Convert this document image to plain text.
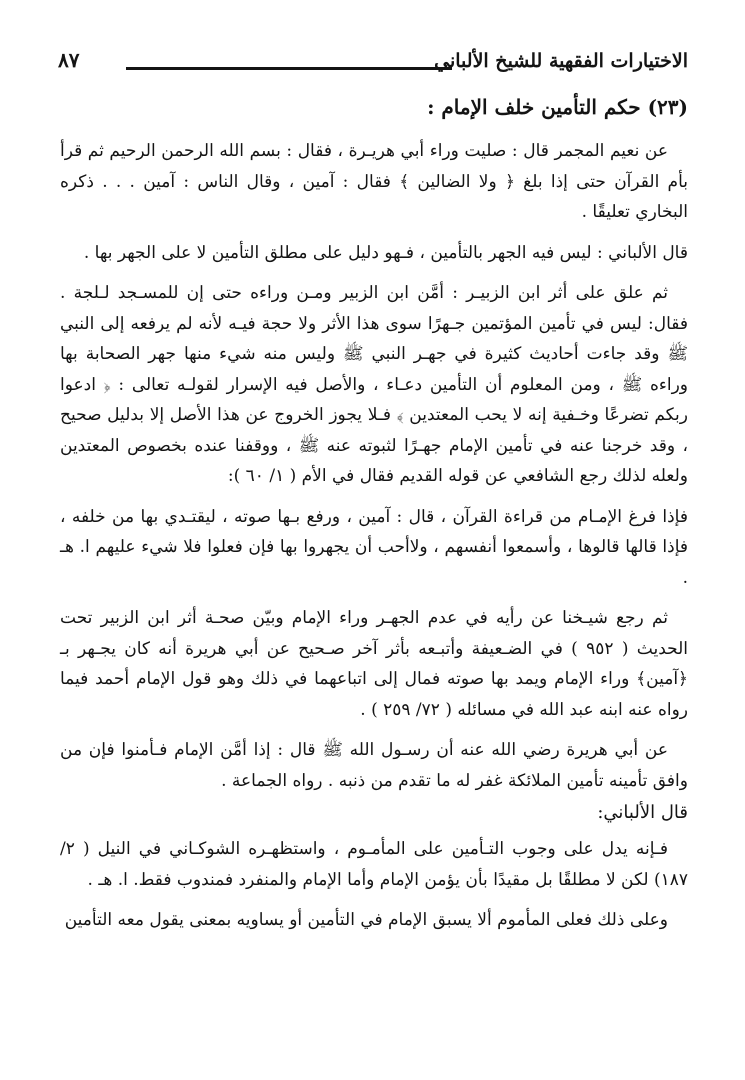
الاختيارات الفقهية للشيخ الألباني
٨٧
(٢٣) حكم التأمين خلف الإمام :

عن نعيم المجمر قال : صليت وراء أبي هريـرة ، فقال : بسم الله الرحمن الرحيم ثم قرأ بأم القرآن حتى إذا بلغ ﴿ ولا الضالين ﴾ فقال : آمين ، وقال الناس : آمين . . . ذكره البخاري تعليقًا .

قال الألباني : ليس فيه الجهر بالتأمين ، فـهو دليل على مطلق التأمين لا على الجهر بها .

ثم علق على أثر ابن الزبيـر : أمَّن ابن الزبير ومـن وراءه حتى إن للمسـجد لـلجة . فقال: ليس في تأمين المؤتمين جـهرًا سوى هذا الأثر ولا حجة فيـه لأنه لم يرفعه إلى النبي ﷺ وقد جاءت أحاديث كثيرة في جهـر النبي ﷺ وليس منه شيء منها جهر الصحابة بها وراءه ﷺ ، ومن المعلوم أن التأمين دعـاء ، والأصل فيه الإسرار لقولـه تعالى : ﴿ ادعوا ربكم تضرعًا وخـفية إنه لا يحب المعتدين ﴾ فـلا يجوز الخروج عن هذا الأصل إلا بدليل صحيح ، وقد خرجنا عنه في تأمين الإمام جهـرًا لثبوته عنه ﷺ ، ووقفنا عنده بخصوص المعتدين ولعله لذلك رجع الشافعي عن قوله القديم فقال في الأم ( ١/ ٦٠ ):

فإذا فرغ الإمـام من قراءة القرآن ، قال : آمين ، ورفع بـها صوته ، ليقتـدي بها من خلفه ، فإذا قالها قالوها ، وأسمعوا أنفسهم ، ولاأحب أن يجهروا بها فإن فعلوا فلا شيء عليهم ا. هـ .

ثم رجع شيـخنا عن رأيه في عدم الجهـر وراء الإمام وبيّن صحـة أثر ابن الزبير تحت الحديث ( ٩٥٢ ) في الضـعيفة وأتبـعه بأثر آخر صـحيح عن أبي هريرة أنه كان يجـهر بـ ﴿آمين﴾ وراء الإمام ويمد بها صوته فمال إلى اتباعهما في ذلك وهو قول الإمام أحمد فيما رواه عنه ابنه عبد الله في مسائله ( ٧٢/ ٢٥٩ ) .

عن أبي هريرة رضي الله عنه أن رسـول الله ﷺ قال : إذا أمَّن الإمام فـأمنوا فإن من وافق تأمينه تأمين الملائكة غفر له ما تقدم من ذنبه . رواه الجماعة .

قال الألباني:

فـإنه يدل على وجوب التـأمين على المأمـوم ، واستظهـره الشوكـاني في النيل ( ٢/ ١٨٧) لكن لا مطلقًا بل مقيدًا بأن يؤمن الإمام وأما الإمام والمنفرد فمندوب فقط. ا. هـ .

وعلى ذلك فعلى المأموم ألا يسبق الإمام في التأمين أو يساويه بمعنى يقول معه التأمين
